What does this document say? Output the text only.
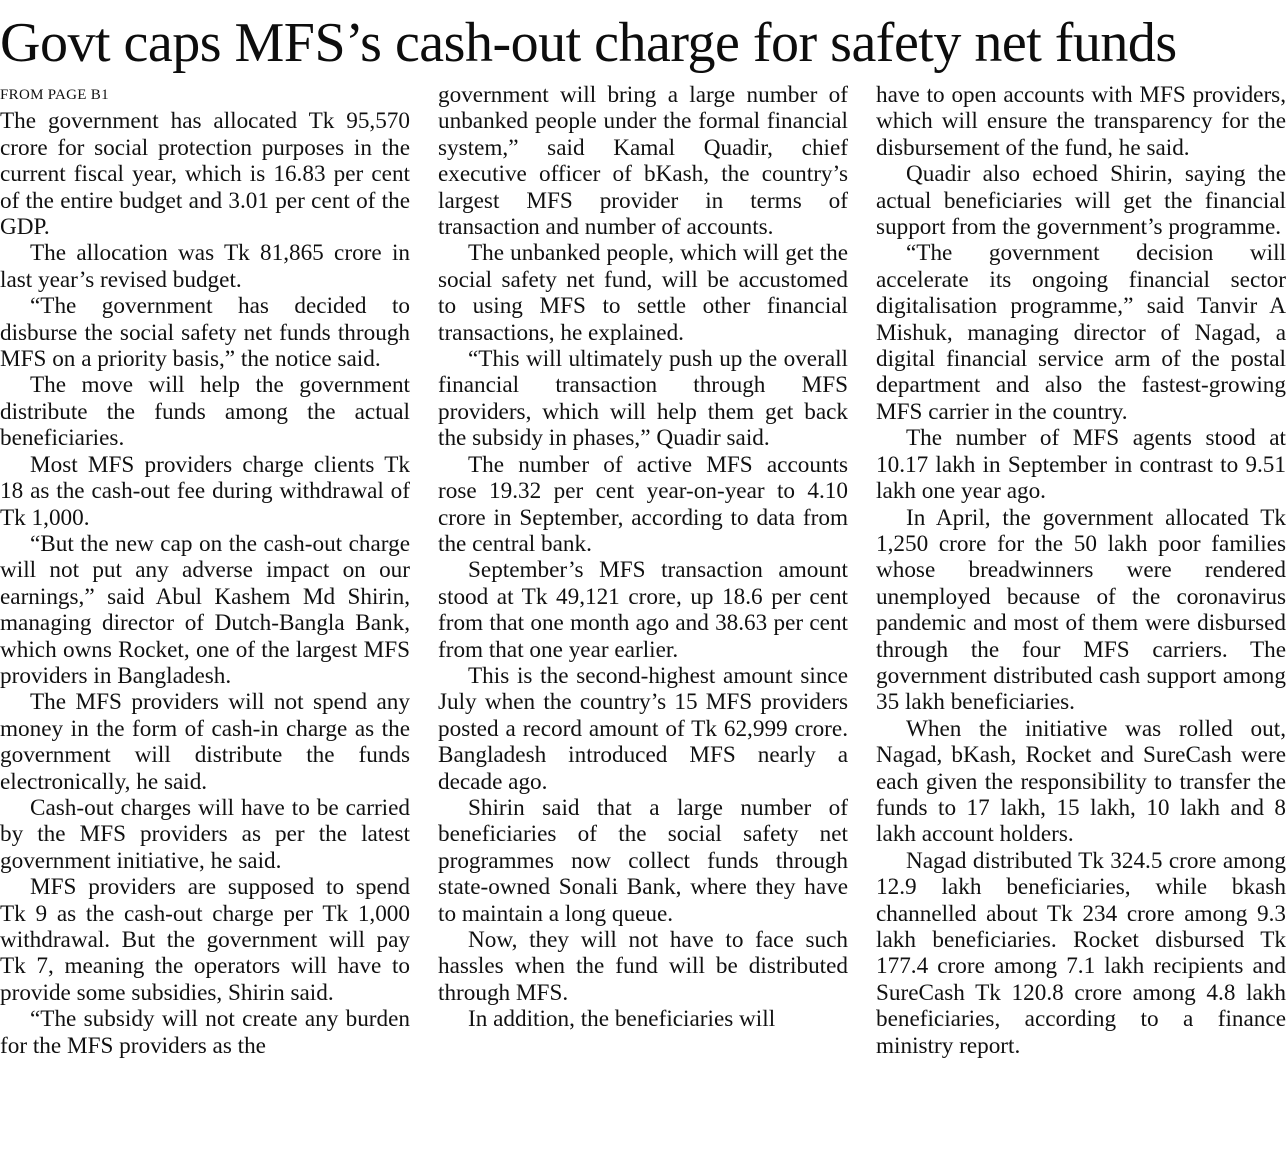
Govt caps MFS’s cash-out charge for safety net funds
FROM PAGE B1

The government has allocated Tk 95,570 crore for social protection purposes in the current fiscal year, which is 16.83 per cent of the entire budget and 3.01 per cent of the GDP.

The allocation was Tk 81,865 crore in last year’s revised budget.

“The government has decided to disburse the social safety net funds through MFS on a priority basis,” the notice said.

The move will help the government distribute the funds among the actual beneficiaries.

Most MFS providers charge clients Tk 18 as the cash-out fee during withdrawal of Tk 1,000.

“But the new cap on the cash-out charge will not put any adverse impact on our earnings,” said Abul Kashem Md Shirin, managing director of Dutch-Bangla Bank, which owns Rocket, one of the largest MFS providers in Bangladesh.

The MFS providers will not spend any money in the form of cash-in charge as the government will distribute the funds electronically, he said.

Cash-out charges will have to be carried by the MFS providers as per the latest government initiative, he said.

MFS providers are supposed to spend Tk 9 as the cash-out charge per Tk 1,000 withdrawal. But the government will pay Tk 7, meaning the operators will have to provide some subsidies, Shirin said.

“The subsidy will not create any burden for the MFS providers as the

government will bring a large number of unbanked people under the formal financial system,” said Kamal Quadir, chief executive officer of bKash, the country’s largest MFS provider in terms of transaction and number of accounts.

The unbanked people, which will get the social safety net fund, will be accustomed to using MFS to settle other financial transactions, he explained.

“This will ultimately push up the overall financial transaction through MFS providers, which will help them get back the subsidy in phases,” Quadir said.

The number of active MFS accounts rose 19.32 per cent year-on-year to 4.10 crore in September, according to data from the central bank.

September’s MFS transaction amount stood at Tk 49,121 crore, up 18.6 per cent from that one month ago and 38.63 per cent from that one year earlier.

This is the second-highest amount since July when the country’s 15 MFS providers posted a record amount of Tk 62,999 crore. Bangladesh introduced MFS nearly a decade ago.

Shirin said that a large number of beneficiaries of the social safety net programmes now collect funds through state-owned Sonali Bank, where they have to maintain a long queue.

Now, they will not have to face such hassles when the fund will be distributed through MFS.

In addition, the beneficiaries will

have to open accounts with MFS providers, which will ensure the transparency for the disbursement of the fund, he said.

Quadir also echoed Shirin, saying the actual beneficiaries will get the financial support from the government’s programme.

“The government decision will accelerate its ongoing financial sector digitalisation programme,” said Tanvir A Mishuk, managing director of Nagad, a digital financial service arm of the postal department and also the fastest-growing MFS carrier in the country.

The number of MFS agents stood at 10.17 lakh in September in contrast to 9.51 lakh one year ago.

In April, the government allocated Tk 1,250 crore for the 50 lakh poor families whose breadwinners were rendered unemployed because of the coronavirus pandemic and most of them were disbursed through the four MFS carriers. The government distributed cash support among 35 lakh beneficiaries.

When the initiative was rolled out, Nagad, bKash, Rocket and SureCash were each given the responsibility to transfer the funds to 17 lakh, 15 lakh, 10 lakh and 8 lakh account holders.

Nagad distributed Tk 324.5 crore among 12.9 lakh beneficiaries, while bkash channelled about Tk 234 crore among 9.3 lakh beneficiaries. Rocket disbursed Tk 177.4 crore among 7.1 lakh recipients and SureCash Tk 120.8 crore among 4.8 lakh beneficiaries, according to a finance ministry report.
